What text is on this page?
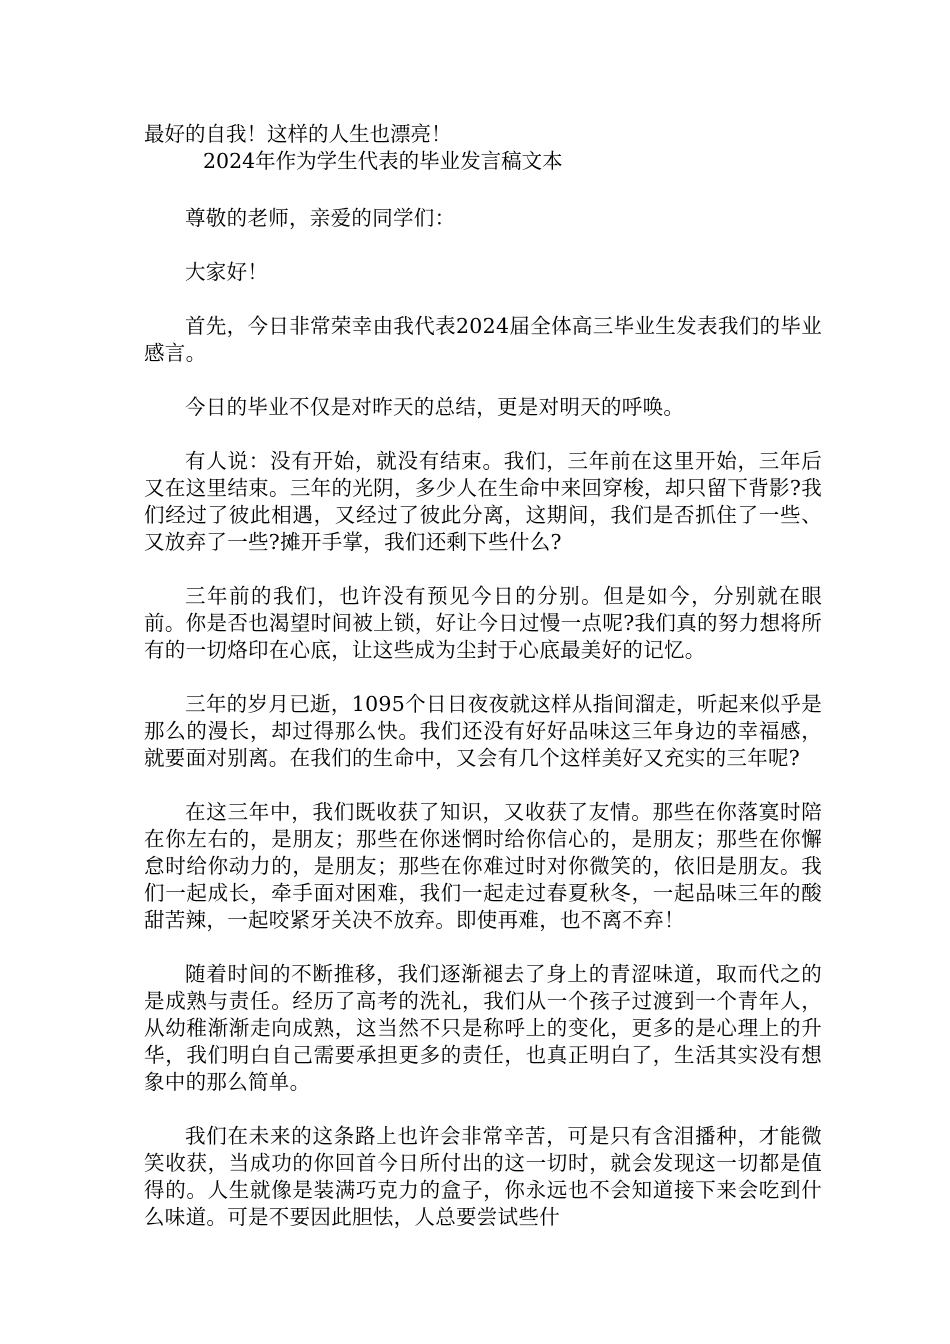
最好的自我！这样的人生也漂亮！

2024年作为学生代表的毕业发言稿文本

尊敬的老师，亲爱的同学们：

大家好！

首先，今日非常荣幸由我代表2024届全体高三毕业生发表我们的毕业感言。

今日的毕业不仅是对昨天的总结，更是对明天的呼唤。

有人说：没有开始，就没有结束。我们，三年前在这里开始，三年后又在这里结束。三年的光阴，多少人在生命中来回穿梭，却只留下背影?我们经过了彼此相遇，又经过了彼此分离，这期间，我们是否抓住了一些、又放弃了一些?摊开手掌，我们还剩下些什么?

三年前的我们，也许没有预见今日的分别。但是如今，分别就在眼前。你是否也渴望时间被上锁，好让今日过慢一点呢?我们真的努力想将所有的一切烙印在心底，让这些成为尘封于心底最美好的记忆。

三年的岁月已逝，1095个日日夜夜就这样从指间溜走，听起来似乎是那么的漫长，却过得那么快。我们还没有好好品味这三年身边的幸福感，就要面对别离。在我们的生命中，又会有几个这样美好又充实的三年呢?

在这三年中，我们既收获了知识，又收获了友情。那些在你落寞时陪在你左右的，是朋友；那些在你迷惘时给你信心的，是朋友；那些在你懈怠时给你动力的，是朋友；那些在你难过时对你微笑的，依旧是朋友。我们一起成长，牵手面对困难，我们一起走过春夏秋冬，一起品味三年的酸甜苦辣，一起咬紧牙关决不放弃。即使再难，也不离不弃！

随着时间的不断推移，我们逐渐褪去了身上的青涩味道，取而代之的是成熟与责任。经历了高考的洗礼，我们从一个孩子过渡到一个青年人，从幼稚渐渐走向成熟，这当然不只是称呼上的变化，更多的是心理上的升华，我们明白自己需要承担更多的责任，也真正明白了，生活其实没有想象中的那么简单。

我们在未来的这条路上也许会非常辛苦，可是只有含泪播种，才能微笑收获，当成功的你回首今日所付出的这一切时，就会发现这一切都是值得的。人生就像是装满巧克力的盒子，你永远也不会知道接下来会吃到什么味道。可是不要因此胆怯，人总要尝试些什
